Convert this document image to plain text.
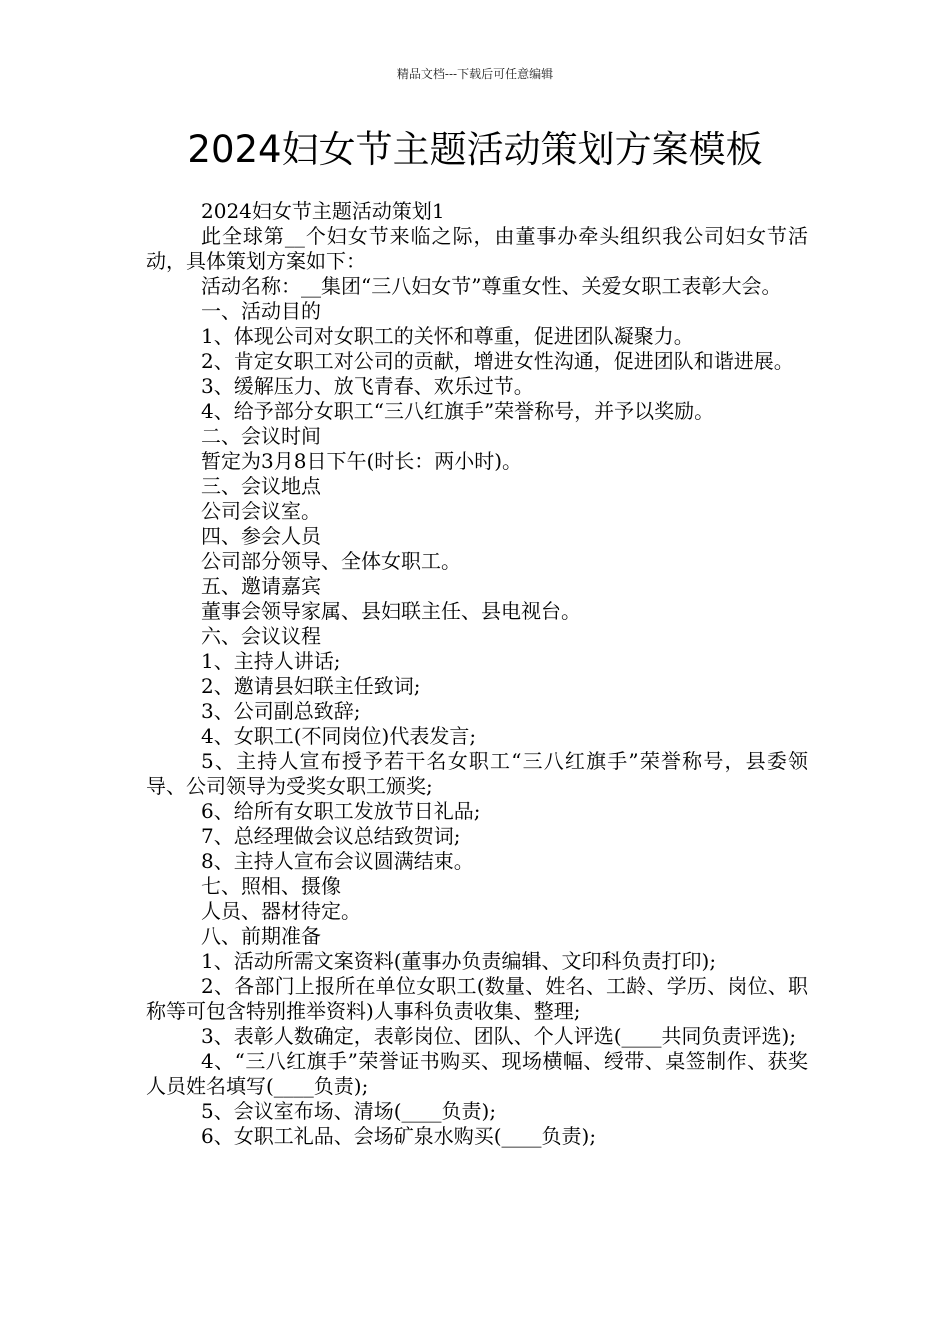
精品文档---下载后可任意编辑
2024妇女节主题活动策划方案模板

2024妇女节主题活动策划1

此全球第__个妇女节来临之际，由董事办牵头组织我公司妇女节活动，具体策划方案如下：

活动名称：__集团“三八妇女节”尊重女性、关爱女职工表彰大会。

一、活动目的

1、体现公司对女职工的关怀和尊重，促进团队凝聚力。

2、肯定女职工对公司的贡献，增进女性沟通，促进团队和谐进展。

3、缓解压力、放飞青春、欢乐过节。

4、给予部分女职工“三八红旗手”荣誉称号，并予以奖励。

二、会议时间

暂定为3月8日下午(时长：两小时)。

三、会议地点

公司会议室。

四、参会人员

公司部分领导、全体女职工。

五、邀请嘉宾

董事会领导家属、县妇联主任、县电视台。

六、会议议程

1、主持人讲话;

2、邀请县妇联主任致词;

3、公司副总致辞;

4、女职工(不同岗位)代表发言;

5、主持人宣布授予若干名女职工“三八红旗手”荣誉称号，县委领导、公司领导为受奖女职工颁奖;

6、给所有女职工发放节日礼品;

7、总经理做会议总结致贺词;

8、主持人宣布会议圆满结束。

七、照相、摄像

人员、器材待定。

八、前期准备

1、活动所需文案资料(董事办负责编辑、文印科负责打印);

2、各部门上报所在单位女职工(数量、姓名、工龄、学历、岗位、职称等可包含特别推举资料)人事科负责收集、整理;

3、表彰人数确定，表彰岗位、团队、个人评选(____共同负责评选);

4、“三八红旗手”荣誉证书购买、现场横幅、绶带、桌签制作、获奖人员姓名填写(____负责);

5、会议室布场、清场(____负责);

6、女职工礼品、会场矿泉水购买(____负责);
